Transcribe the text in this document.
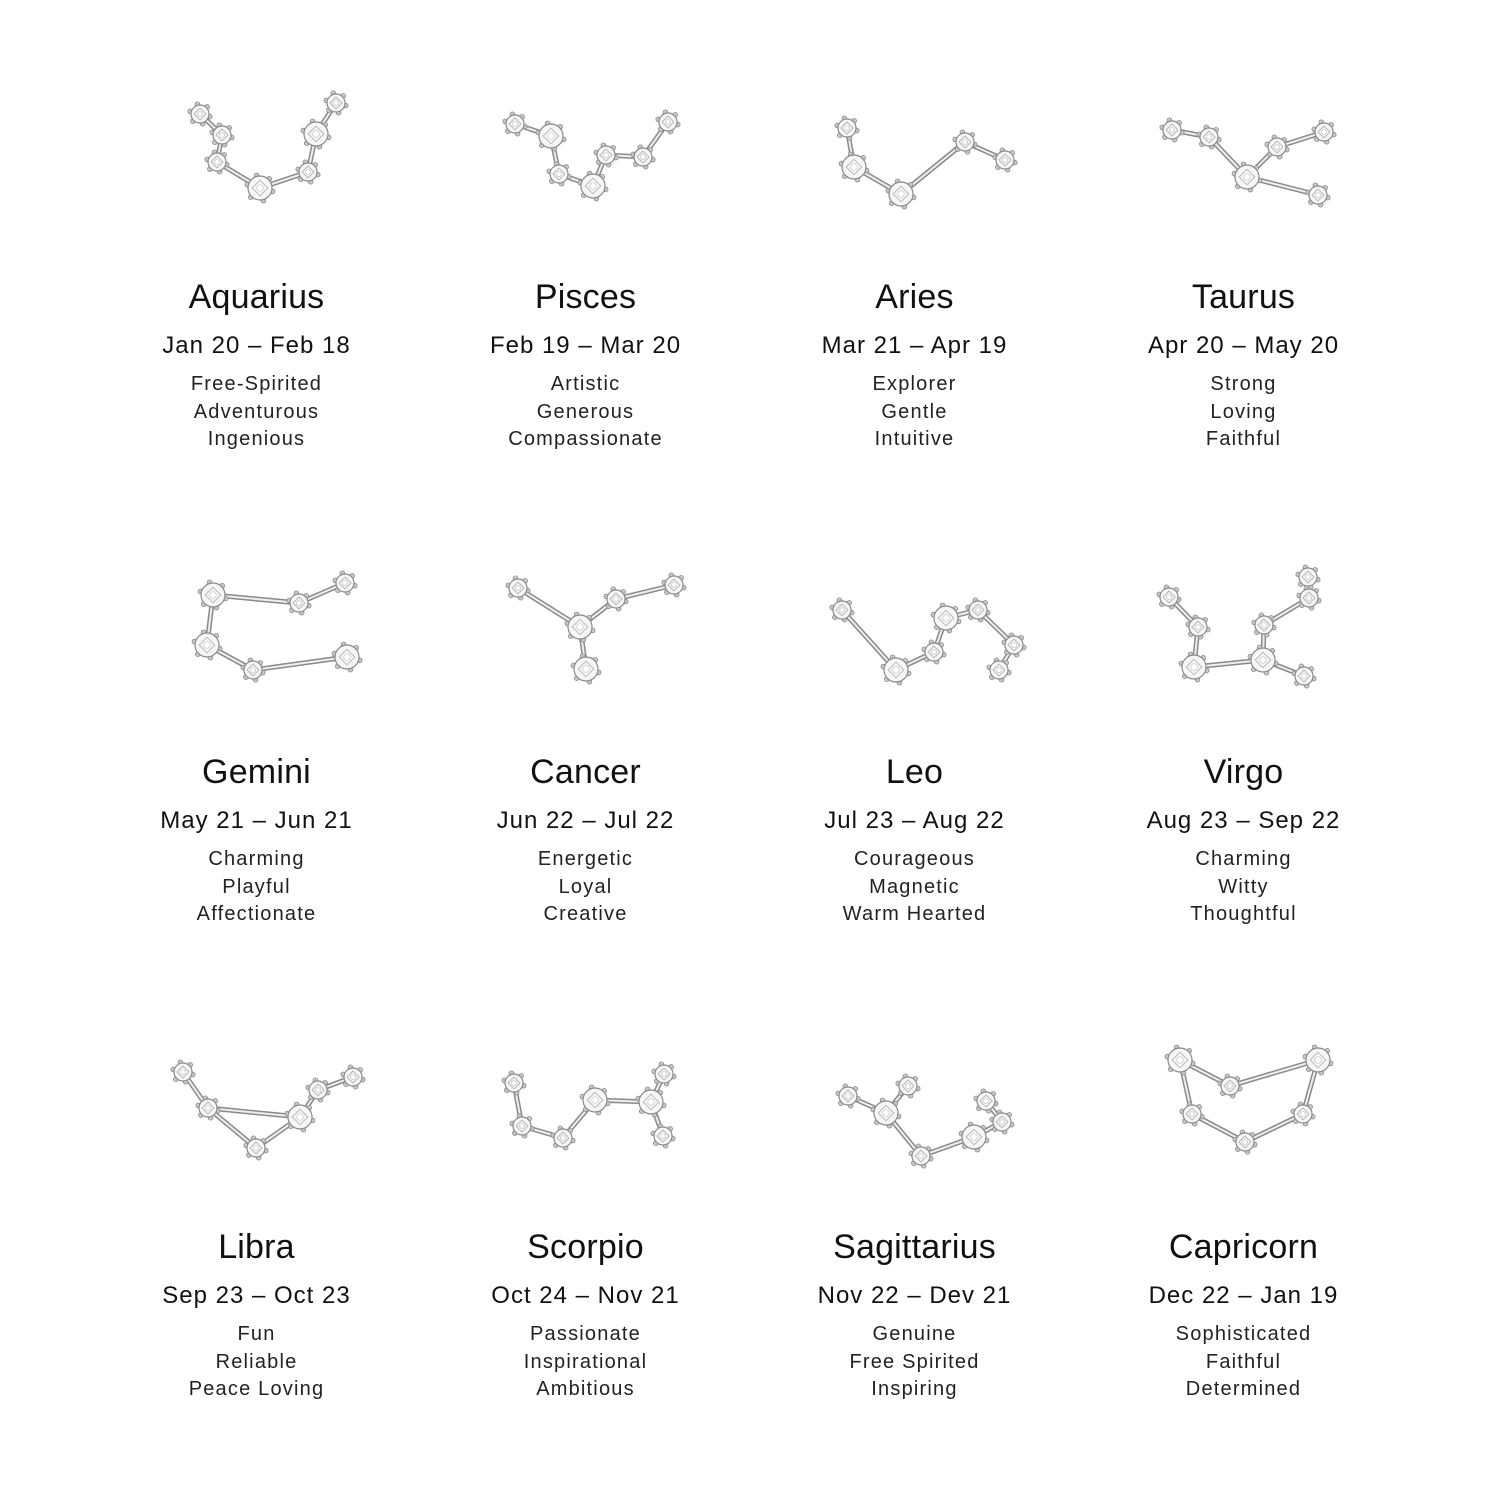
Aquarius
Jan 20 – Feb 18
Free-Spirited
Adventurous
Ingenious
Pisces
Feb 19 – Mar 20
Artistic
Generous
Compassionate
Aries
Mar 21 – Apr 19
Explorer
Gentle
Intuitive
Taurus
Apr 20 – May 20
Strong
Loving
Faithful
Gemini
May 21 – Jun 21
Charming
Playful
Affectionate
Cancer
Jun 22 – Jul 22
Energetic
Loyal
Creative
Leo
Jul 23 – Aug 22
Courageous
Magnetic
Warm Hearted
Virgo
Aug 23 – Sep 22
Charming
Witty
Thoughtful
Libra
Sep 23 – Oct 23
Fun
Reliable
Peace Loving
Scorpio
Oct 24 – Nov 21
Passionate
Inspirational
Ambitious
Sagittarius
Nov 22 – Dev 21
Genuine
Free Spirited
Inspiring
Capricorn
Dec 22 – Jan 19
Sophisticated
Faithful
Determined
